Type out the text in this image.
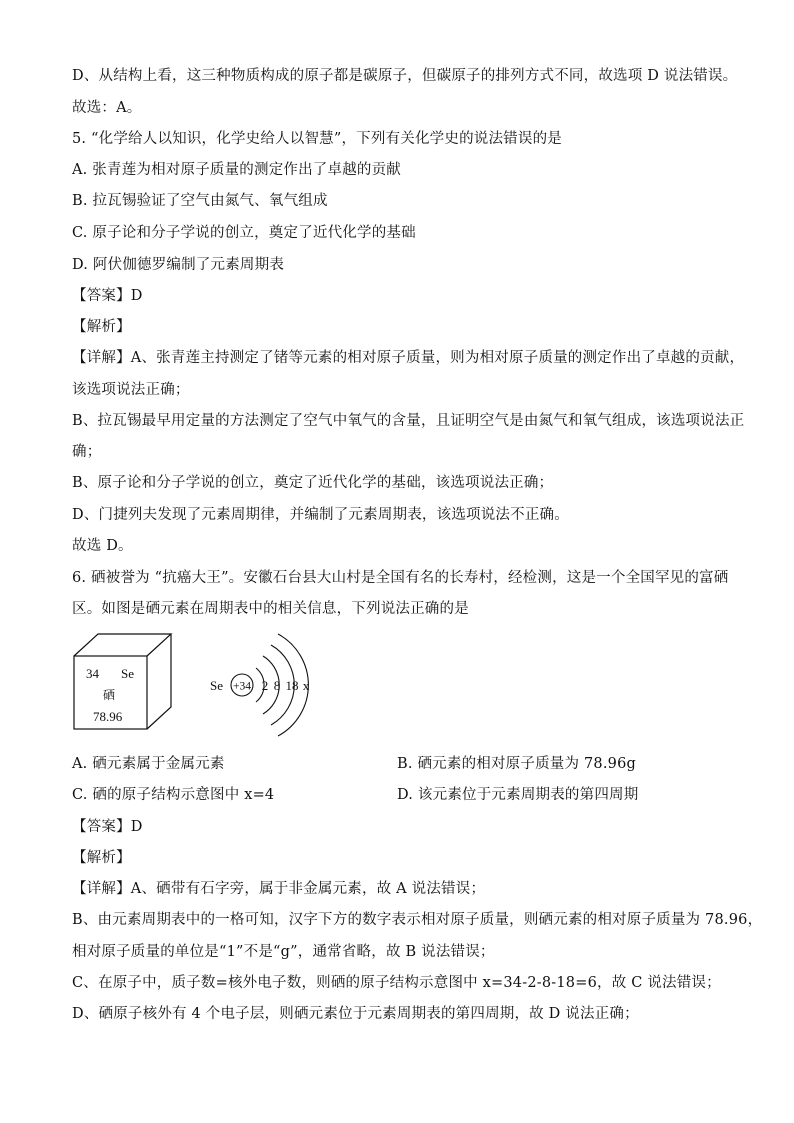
D、从结构上看，这三种物质构成的原子都是碳原子，但碳原子的排列方式不同，故选项 D 说法错误。

故选：A。

5. “化学给人以知识，化学史给人以智慧”，下列有关化学史的说法错误的是

A. 张青莲为相对原子质量的测定作出了卓越的贡献

B. 拉瓦锡验证了空气由氮气、氧气组成

C. 原子论和分子学说的创立，奠定了近代化学的基础

D. 阿伏伽德罗编制了元素周期表

【答案】D

【解析】

【详解】A、张青莲主持测定了锗等元素的相对原子质量，则为相对原子质量的测定作出了卓越的贡献，

该选项说法正确；

B、拉瓦锡最早用定量的方法测定了空气中氧气的含量，且证明空气是由氮气和氧气组成，该选项说法正

确；

B、原子论和分子学说的创立，奠定了近代化学的基础，该选项说法正确；

D、门捷列夫发现了元素周期律，并编制了元素周期表，该选项说法不正确。

故选 D。

6. 硒被誉为 “抗癌大王”。安徽石台县大山村是全国有名的长寿村，经检测，这是一个全国罕见的富硒

区。如图是硒元素在周期表中的相关信息，下列说法正确的是

34 Se
硒
78.96
Se +34 2 8 18 x

A. 硒元素属于金属元素	B. 硒元素的相对原子质量为 78.96g

C. 硒的原子结构示意图中 x=4	D. 该元素位于元素周期表的第四周期

【答案】D

【解析】

【详解】A、硒带有石字旁，属于非金属元素，故 A 说法错误；

B、由元素周期表中的一格可知，汉字下方的数字表示相对原子质量，则硒元素的相对原子质量为 78.96，

相对原子质量的单位是“1”不是“g”，通常省略，故 B 说法错误；

C、在原子中，质子数=核外电子数，则硒的原子结构示意图中 x=34-2-8-18=6，故 C 说法错误；

D、硒原子核外有 4 个电子层，则硒元素位于元素周期表的第四周期，故 D 说法正确；
